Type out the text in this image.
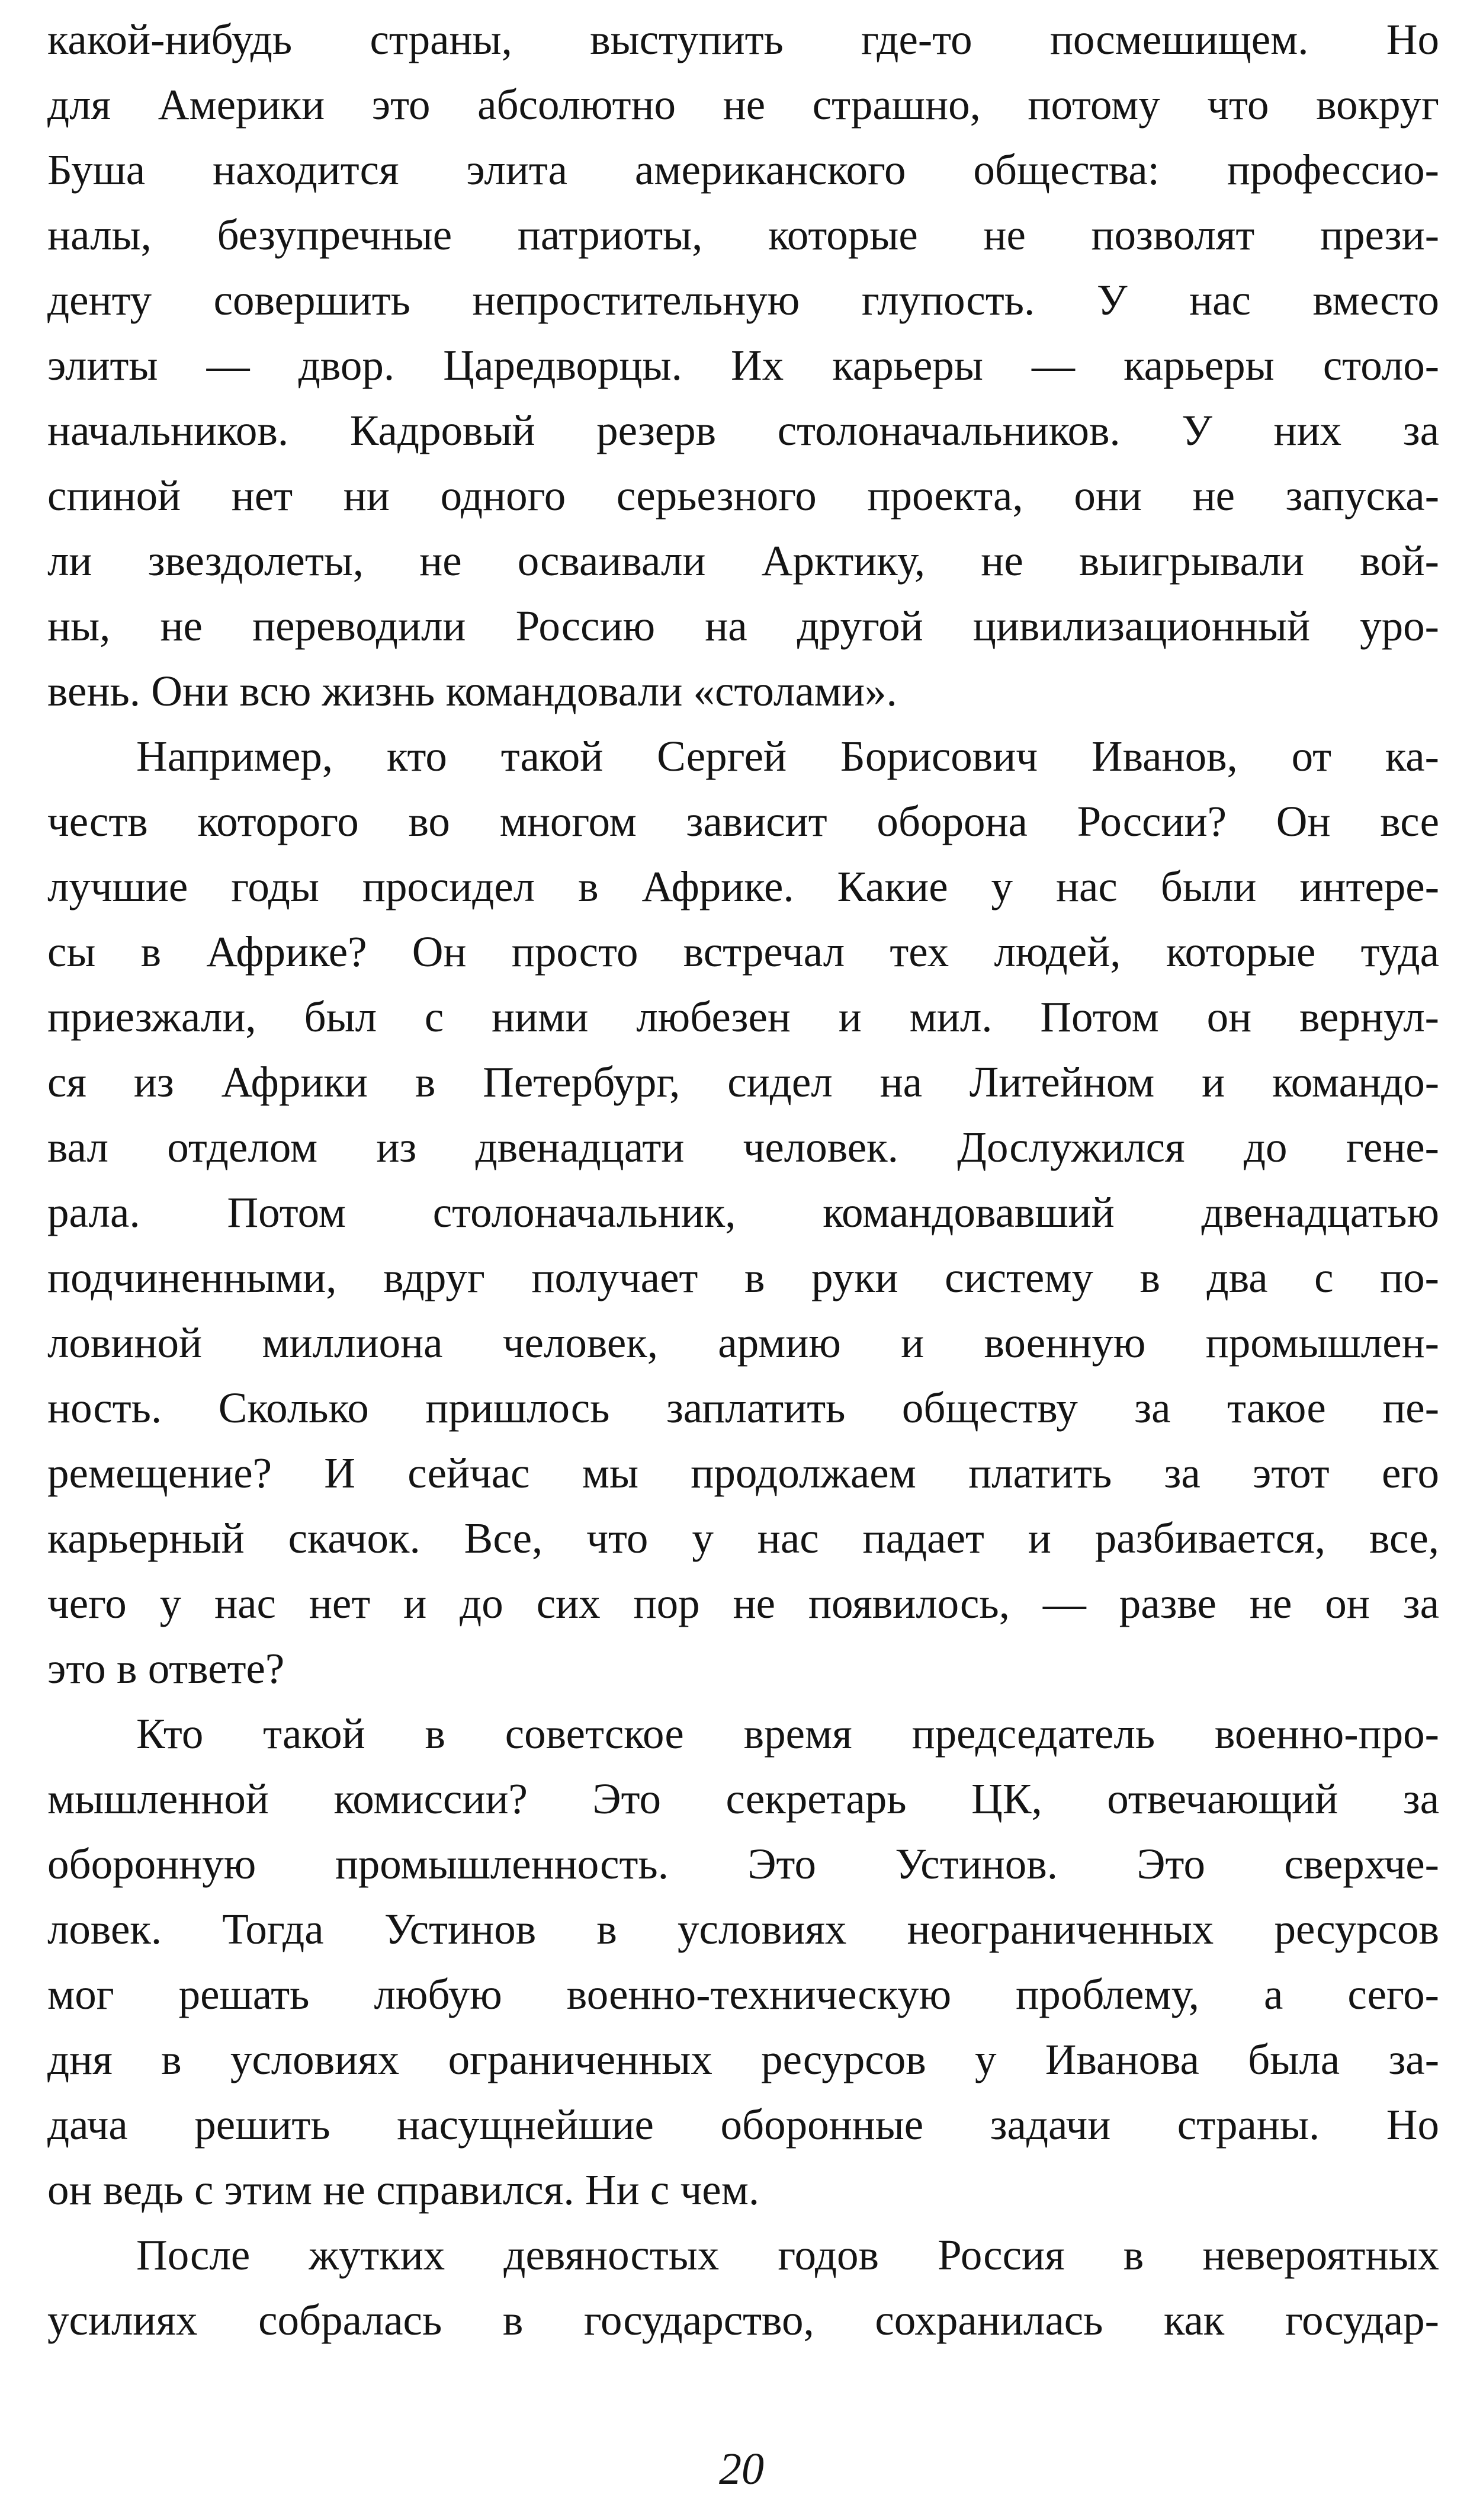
какой-нибудь страны, выступить где-то посмешищем. Но
для Америки это абсолютно не страшно, потому что вокруг
Буша находится элита американского общества: профессио-
налы, безупречные патриоты, которые не позволят прези-
денту совершить непростительную глупость. У нас вместо
элиты — двор. Царедворцы. Их карьеры — карьеры столо-
начальников. Кадровый резерв столоначальников. У них за
спиной нет ни одного серьезного проекта, они не запуска-
ли звездолеты, не осваивали Арктику, не выигрывали вой-
ны, не переводили Россию на другой цивилизационный уро-
вень. Они всю жизнь командовали «столами».
Например, кто такой Сергей Борисович Иванов, от ка-
честв которого во многом зависит оборона России? Он все
лучшие годы просидел в Африке. Какие у нас были интере-
сы в Африке? Он просто встречал тех людей, которые туда
приезжали, был с ними любезен и мил. Потом он вернул-
ся из Африки в Петербург, сидел на Литейном и командо-
вал отделом из двенадцати человек. Дослужился до гене-
рала. Потом столоначальник, командовавший двенадцатью
подчиненными, вдруг получает в руки систему в два с по-
ловиной миллиона человек, армию и военную промышлен-
ность. Сколько пришлось заплатить обществу за такое пе-
ремещение? И сейчас мы продолжаем платить за этот его
карьерный скачок. Все, что у нас падает и разбивается, все,
чего у нас нет и до сих пор не появилось, — разве не он за
это в ответе?
Кто такой в советское время председатель военно-про-
мышленной комиссии? Это секретарь ЦК, отвечающий за
оборонную промышленность. Это Устинов. Это сверхче-
ловек. Тогда Устинов в условиях неограниченных ресурсов
мог решать любую военно-техническую проблему, а сего-
дня в условиях ограниченных ресурсов у Иванова была за-
дача решить насущнейшие оборонные задачи страны. Но
он ведь с этим не справился. Ни с чем.
После жутких девяностых годов Россия в невероятных
усилиях собралась в государство, сохранилась как государ-
20
